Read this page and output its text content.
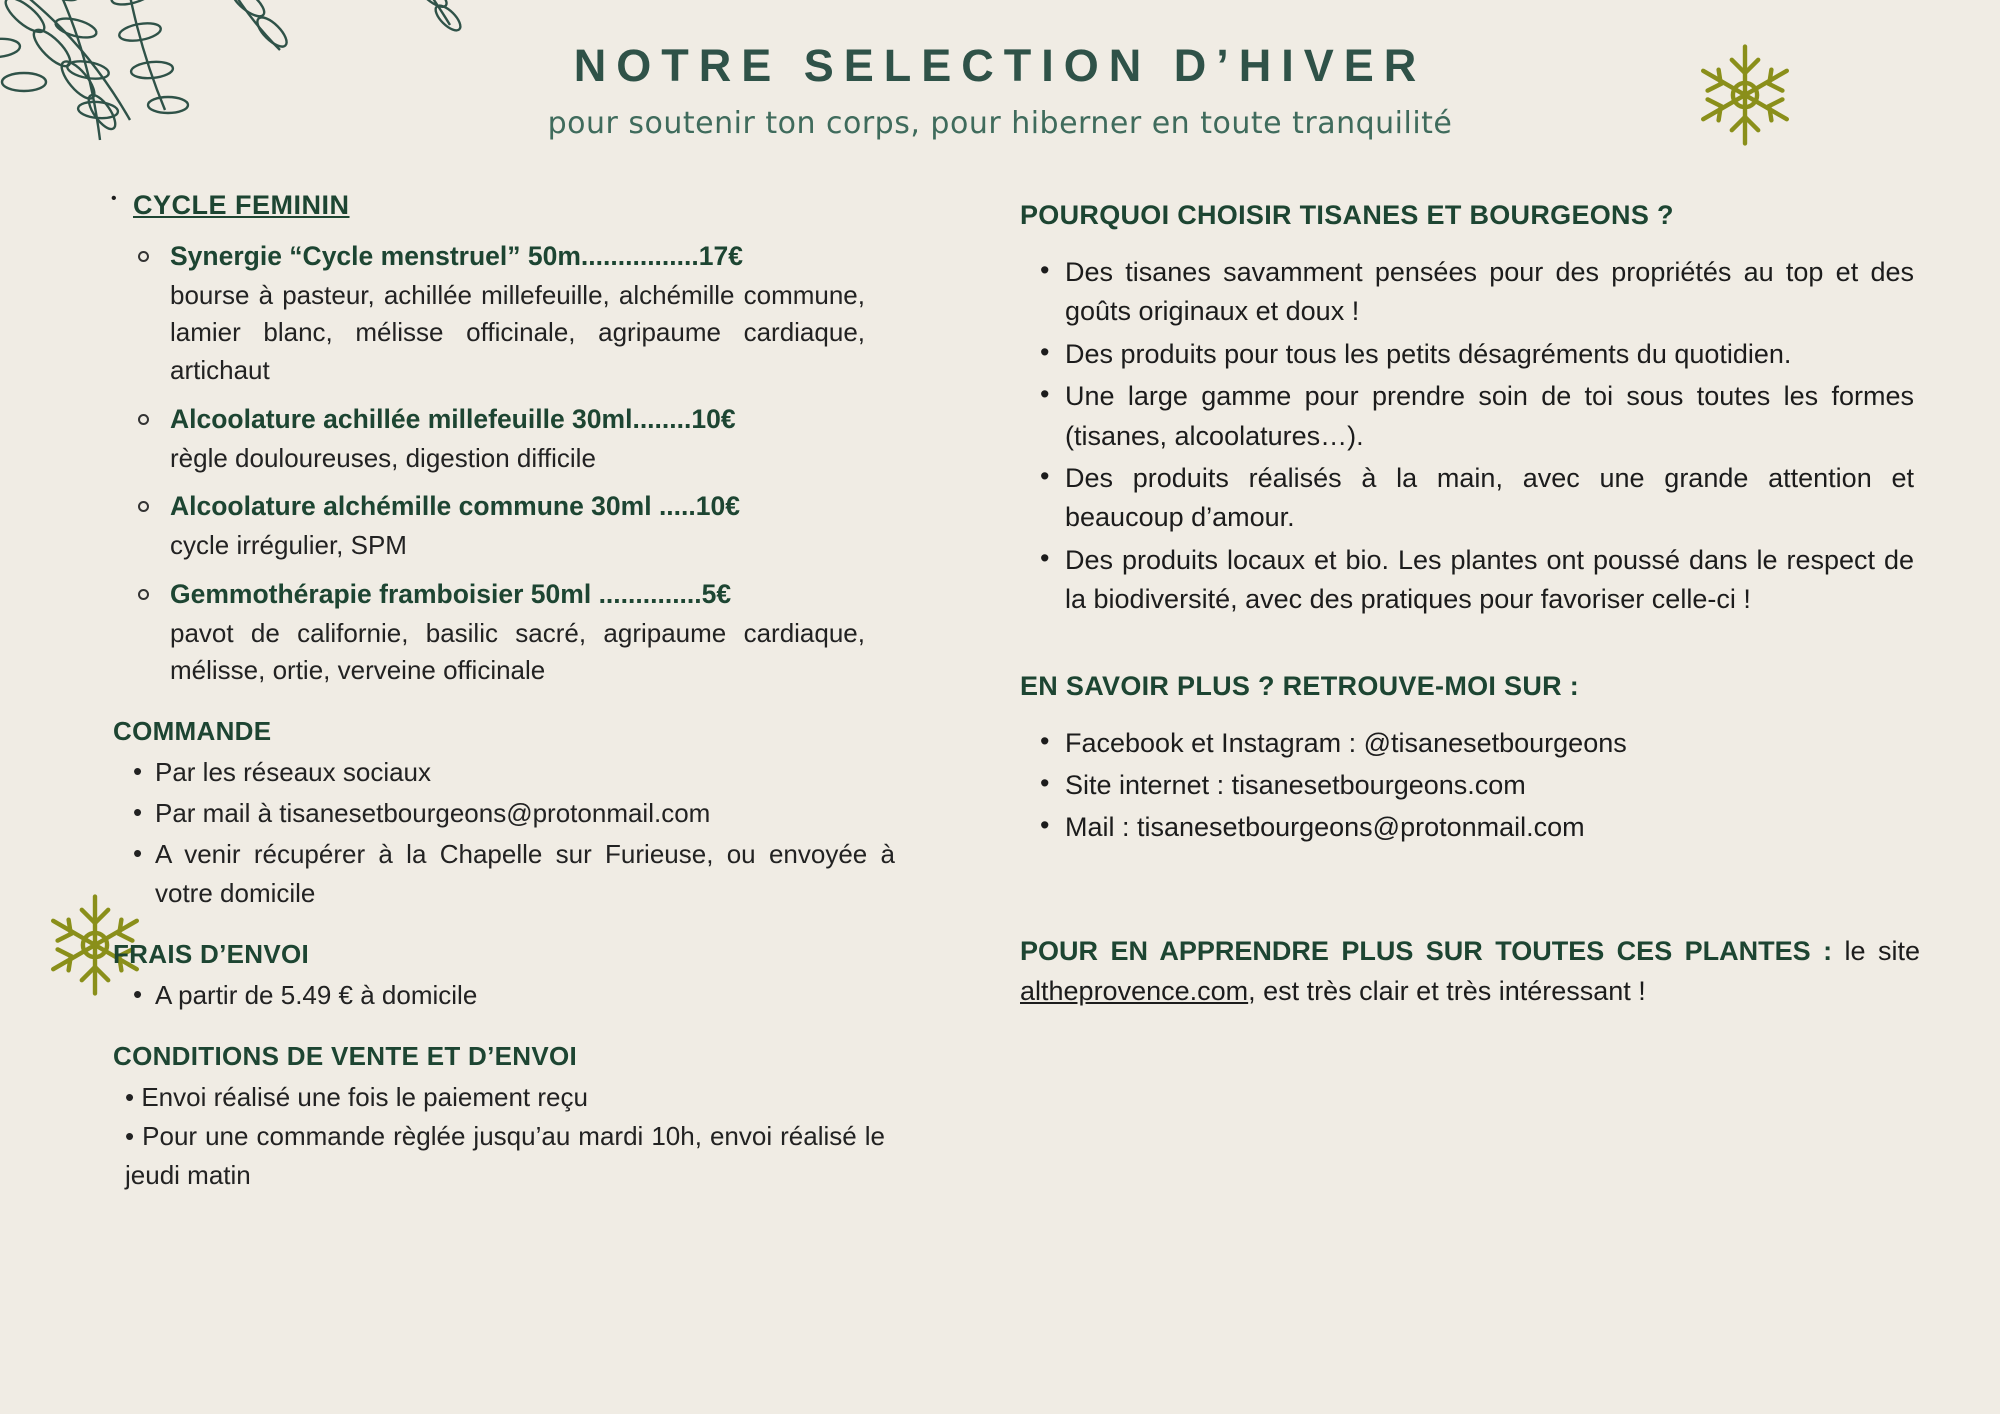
NOTRE SELECTION D’HIVER
pour soutenir ton corps, pour hiberner en toute tranquilité
• CYCLE FEMININ
Synergie “Cycle menstruel” 50m................17€
bourse à pasteur, achillée millefeuille, alchémille commune, lamier blanc, mélisse officinale, agripaume cardiaque, artichaut
Alcoolature achillée millefeuille 30ml........10€
règle douloureuses, digestion difficile
Alcoolature alchémille commune 30ml .....10€
cycle irrégulier, SPM
Gemmothérapie framboisier 50ml ..............5€
pavot de californie, basilic sacré, agripaume cardiaque, mélisse, ortie, verveine officinale
COMMANDE
• Par les réseaux sociaux
• Par mail à tisanesetbourgeons@protonmail.com
• A venir récupérer à la Chapelle sur Furieuse, ou envoyée à votre domicile
FRAIS D’ENVOI
• A partir de 5.49 € à domicile
CONDITIONS DE VENTE ET D’ENVOI
• Envoi réalisé une fois le paiement reçu
• Pour une commande règlée jusqu’au mardi 10h, envoi réalisé le jeudi matin
POURQUOI CHOISIR TISANES ET BOURGEONS ?
• Des tisanes savamment pensées pour des propriétés au top et des goûts originaux et doux !
• Des produits pour tous les petits désagréments du quotidien.
• Une large gamme pour prendre soin de toi sous toutes les formes (tisanes, alcoolatures…).
• Des produits réalisés à la main, avec une grande attention et beaucoup d’amour.
• Des produits locaux et bio. Les plantes ont poussé dans le respect de la biodiversité, avec des pratiques pour favoriser celle-ci !
EN SAVOIR PLUS ? RETROUVE-MOI SUR :
• Facebook et Instagram : @tisanesetbourgeons
• Site internet : tisanesetbourgeons.com
• Mail : tisanesetbourgeons@protonmail.com
POUR EN APPRENDRE PLUS SUR TOUTES CES PLANTES : le site altheprovence.com, est très clair et très intéressant !
